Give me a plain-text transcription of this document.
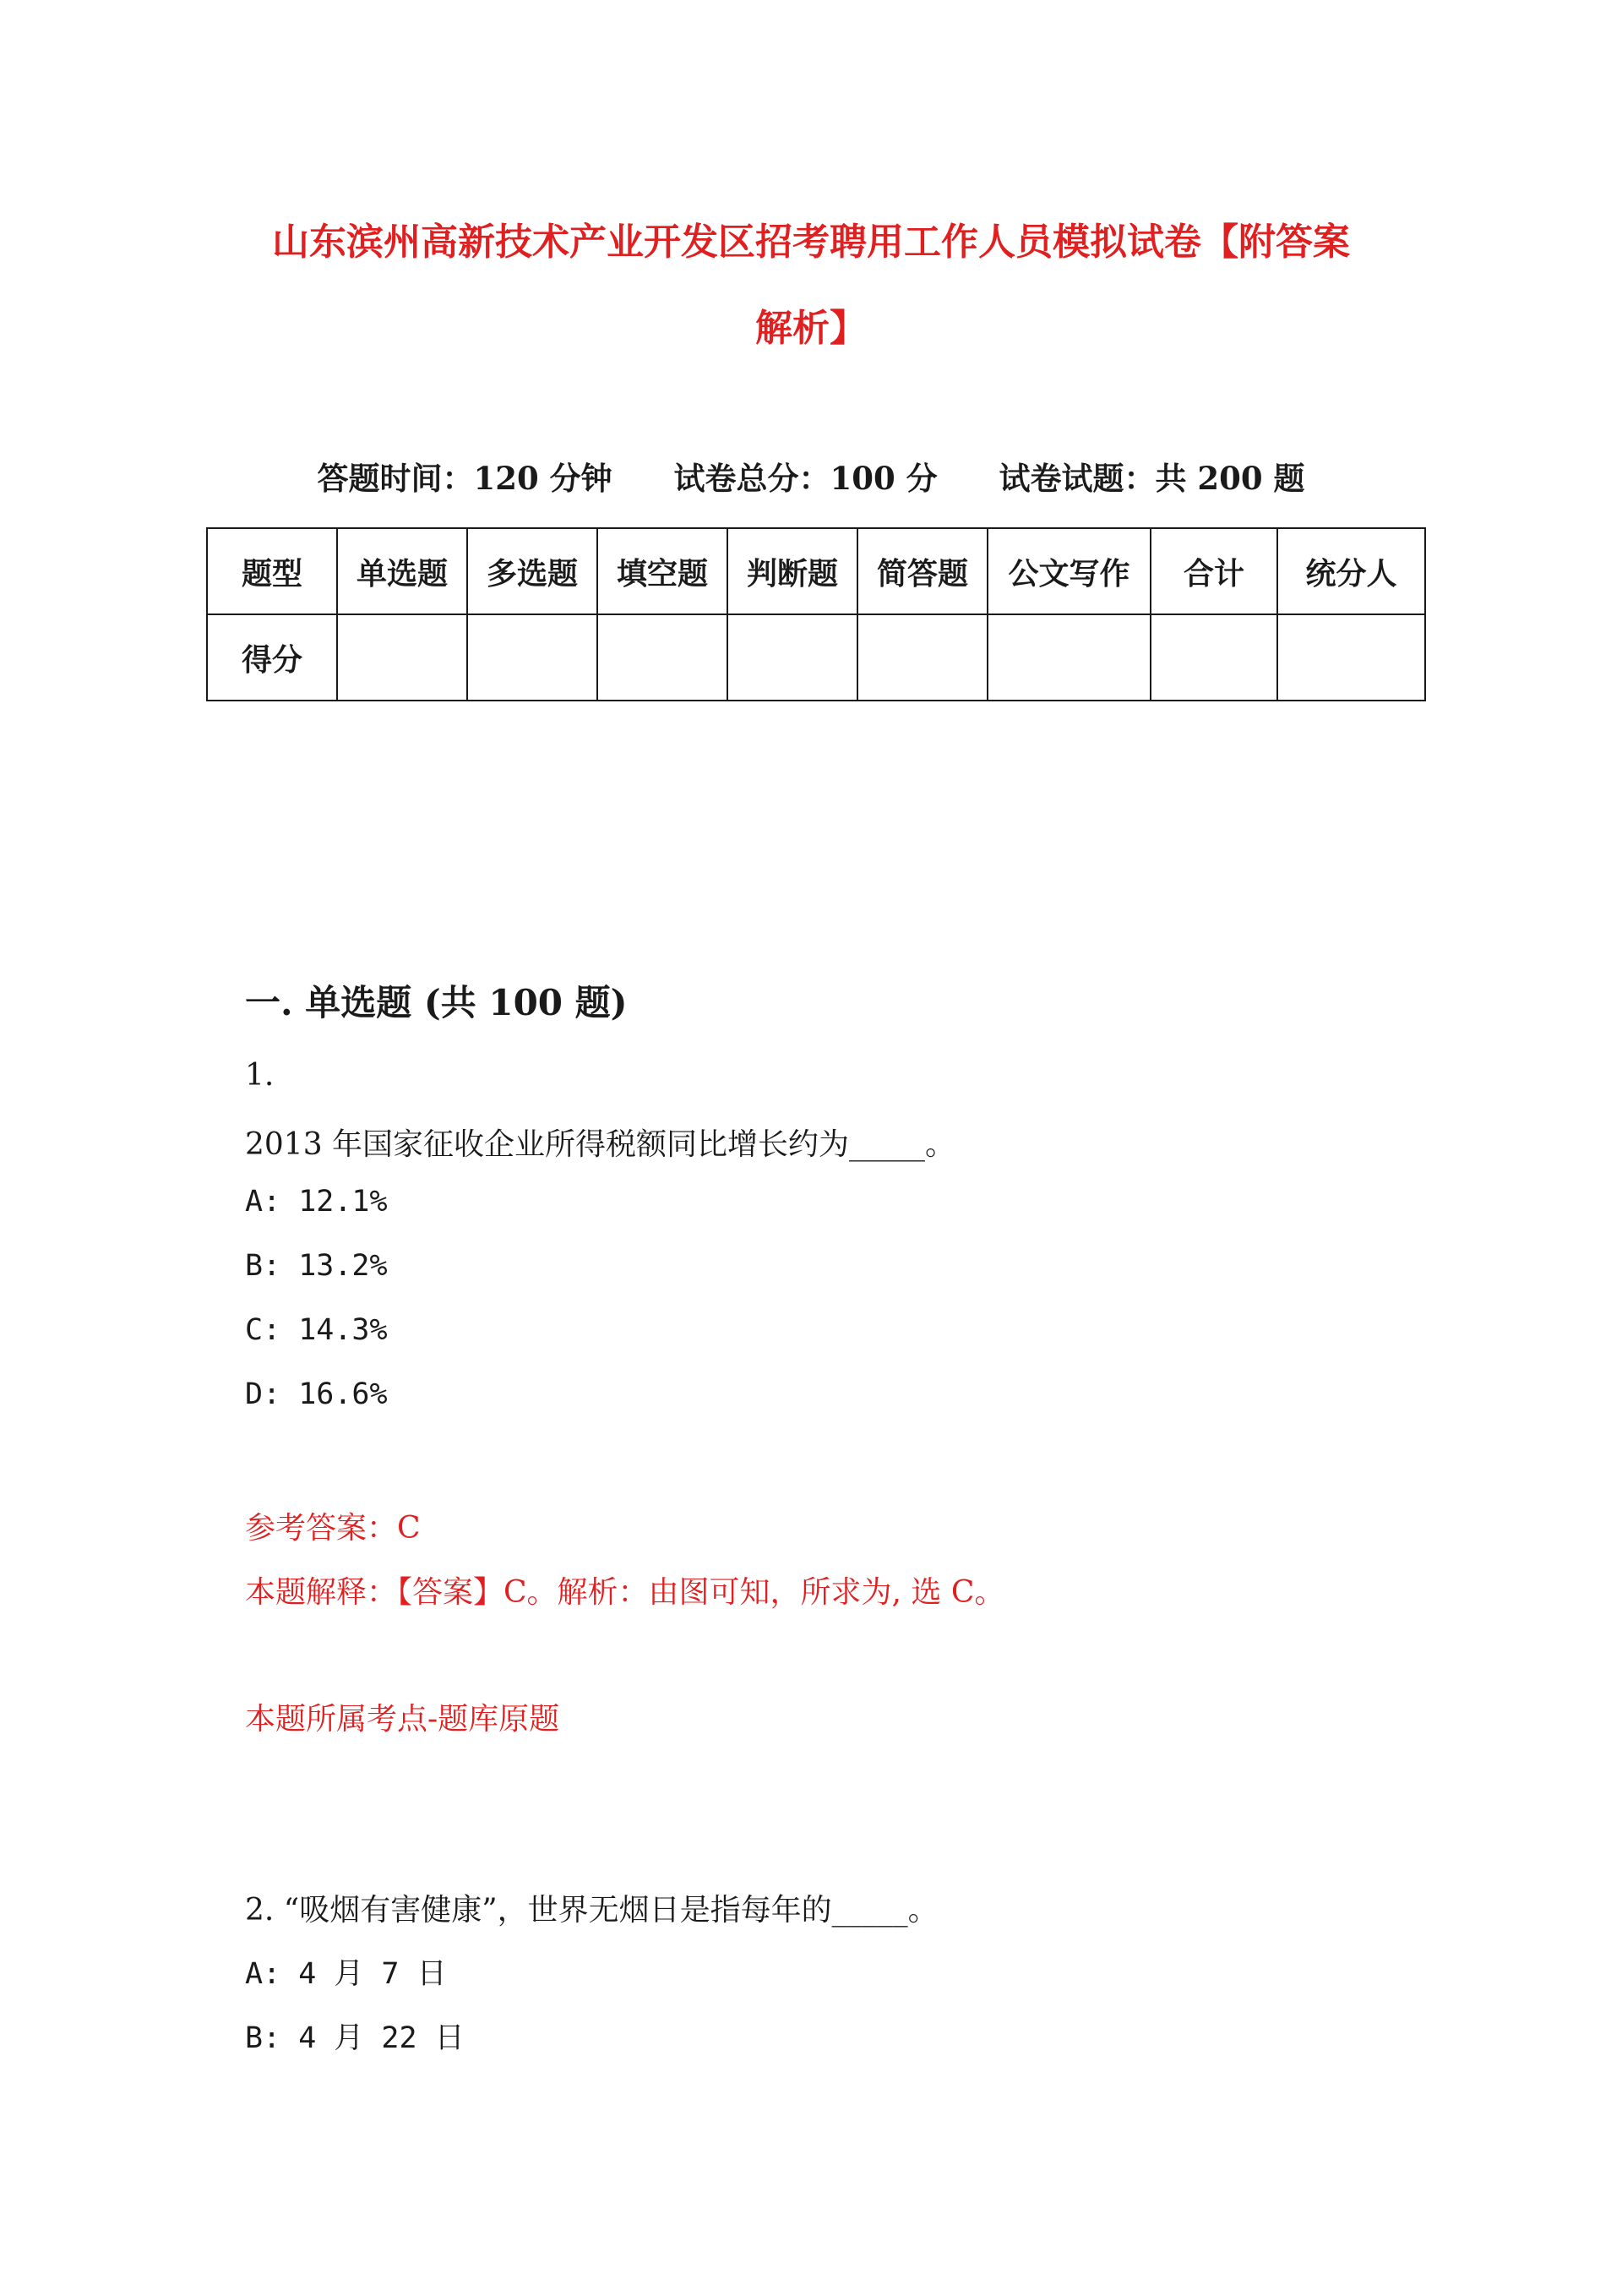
山东滨州高新技术产业开发区招考聘用工作人员模拟试卷【附答案
解析】
答题时间：120 分钟 试卷总分：100 分 试卷试题：共 200 题
题型	单选题	多选题	填空题	判断题	简答题	公文写作	合计	统分人
得分								
一. 单选题 (共 100 题)
1.
2013 年国家征收企业所得税额同比增长约为_____。
A: 12.1%
B: 13.2%
C: 14.3%
D: 16.6%
参考答案：C
本题解释：【答案】C。解析：由图可知，所求为, 选 C。
本题所属考点-题库原题
2. “吸烟有害健康”，世界无烟日是指每年的_____。
A: 4 月 7 日
B: 4 月 22 日
